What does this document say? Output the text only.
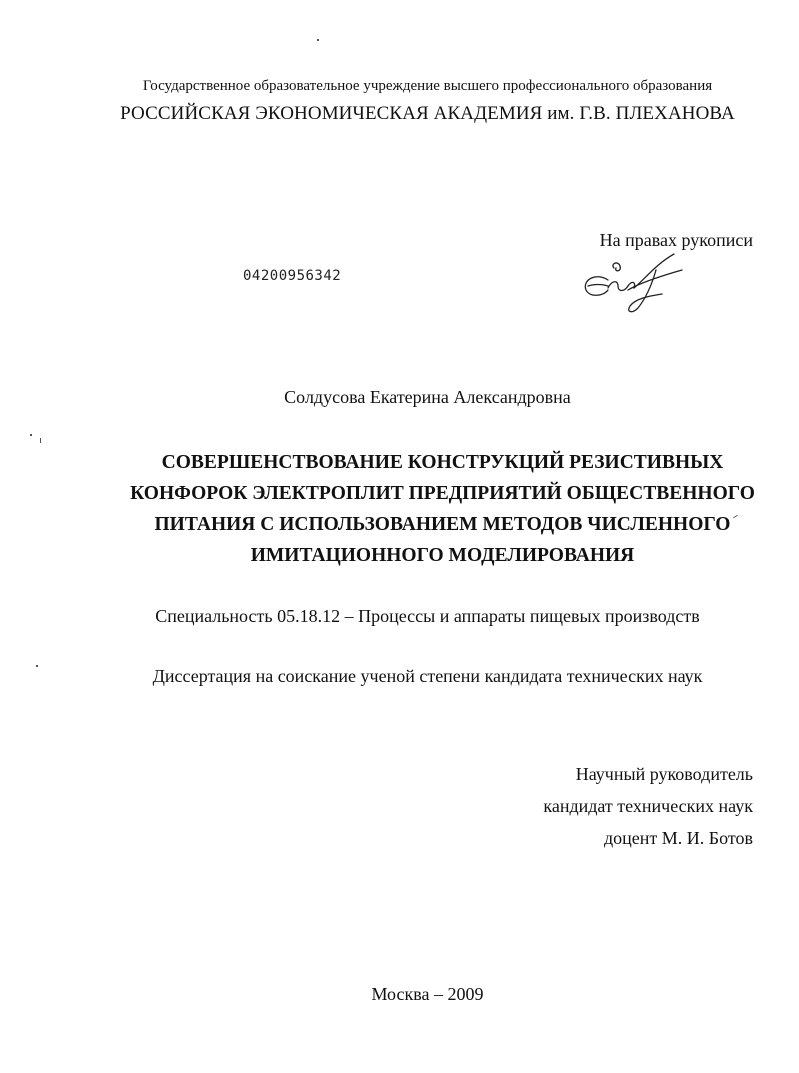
Государственное образовательное учреждение высшего профессионального образования
РОССИЙСКАЯ ЭКОНОМИЧЕСКАЯ АКАДЕМИЯ им. Г.В. ПЛЕХАНОВА
На правах рукописи
04200956342
Солдусова Екатерина Александровна
СОВЕРШЕНСТВОВАНИЕ КОНСТРУКЦИЙ РЕЗИСТИВНЫХ
КОНФОРОК ЭЛЕКТРОПЛИТ ПРЕДПРИЯТИЙ ОБЩЕСТВЕННОГО
ПИТАНИЯ С ИСПОЛЬЗОВАНИЕМ МЕТОДОВ ЧИСЛЕННОГО
ИМИТАЦИОННОГО МОДЕЛИРОВАНИЯ
Специальность 05.18.12 – Процессы и аппараты пищевых производств
Диссертация на соискание ученой степени кандидата технических наук
Научный руководитель
кандидат технических наук
доцент М. И. Ботов
Москва – 2009
